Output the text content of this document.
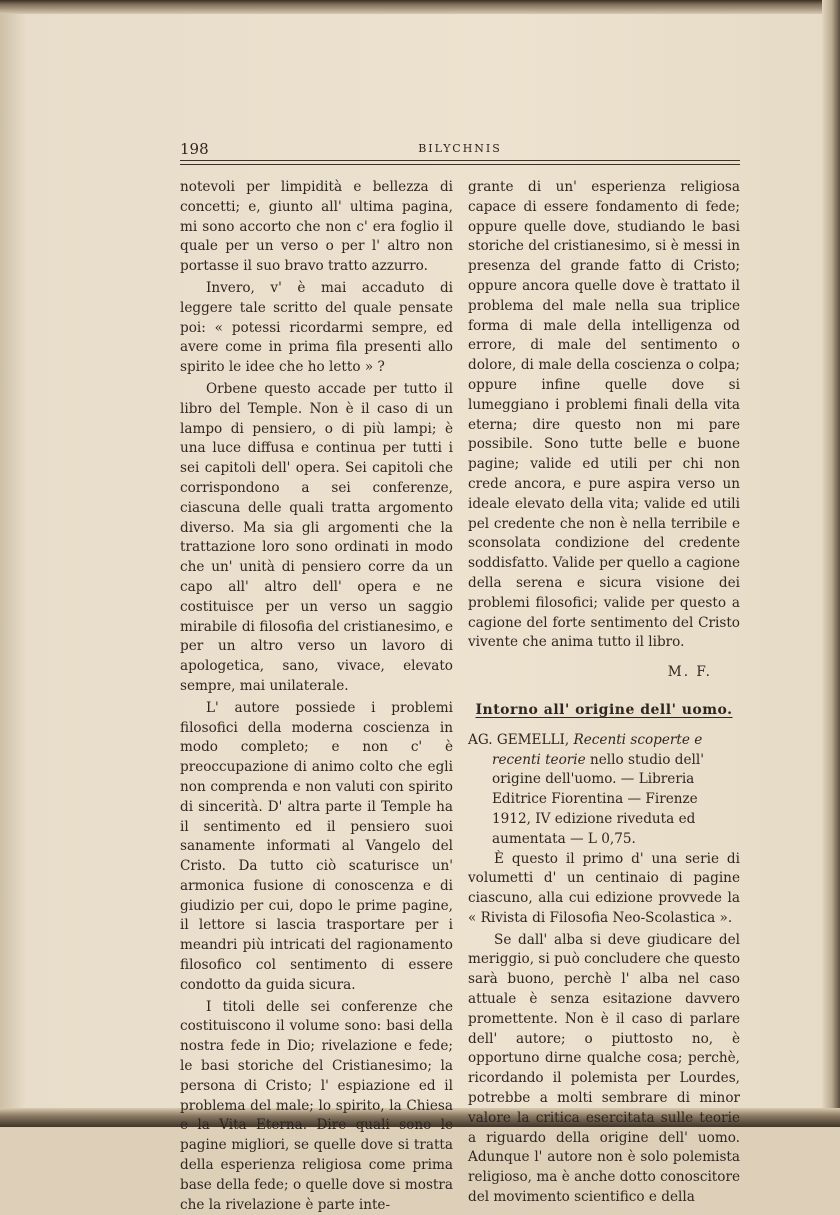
198	BILYCHNIS

notevoli per limpidità e bellezza di concetti; e, giunto all' ultima pagina, mi sono accorto che non c' era foglio il quale per un verso o per l' altro non portasse il suo bravo tratto azzurro.

Invero, v' è mai accaduto di leggere tale scritto del quale pensate poi: « potessi ricordarmi sempre, ed avere come in prima fila presenti allo spirito le idee che ho letto » ?

Orbene questo accade per tutto il libro del Temple. Non è il caso di un lampo di pensiero, o di più lampi; è una luce diffusa e continua per tutti i sei capitoli dell' opera. Sei capitoli che corrispondono a sei conferenze, ciascuna delle quali tratta argomento diverso. Ma sia gli argomenti che la trattazione loro sono ordinati in modo che un' unità di pensiero corre da un capo all' altro dell' opera e ne costituisce per un verso un saggio mirabile di filosofia del cristianesimo, e per un altro verso un lavoro di apologetica, sano, vivace, elevato sempre, mai unilaterale.

L' autore possiede i problemi filosofici della moderna coscienza in modo completo; e non c' è preoccupazione di animo colto che egli non comprenda e non valuti con spirito di sincerità. D' altra parte il Temple ha il sentimento ed il pensiero suoi sanamente informati al Vangelo del Cristo. Da tutto ciò scaturisce un' armonica fusione di conoscenza e di giudizio per cui, dopo le prime pagine, il lettore si lascia trasportare per i meandri più intricati del ragionamento filosofico col sentimento di essere condotto da guida sicura.

I titoli delle sei conferenze che costituiscono il volume sono: basi della nostra fede in Dio; rivelazione e fede; le basi storiche del Cristianesimo; la persona di Cristo; l' espiazione ed il problema del male; lo spirito, la Chiesa e la Vita Eterna. Dire quali sono le pagine migliori, se quelle dove si tratta della esperienza religiosa come prima base della fede; o quelle dove si mostra che la rivelazione è parte inte-

grante di un' esperienza religiosa capace di essere fondamento di fede; oppure quelle dove, studiando le basi storiche del cristianesimo, si è messi in presenza del grande fatto di Cristo; oppure ancora quelle dove è trattato il problema del male nella sua triplice forma di male della intelligenza od errore, di male del sentimento o dolore, di male della coscienza o colpa; oppure infine quelle dove si lumeggiano i problemi finali della vita eterna; dire questo non mi pare possibile. Sono tutte belle e buone pagine; valide ed utili per chi non crede ancora, e pure aspira verso un ideale elevato della vita; valide ed utili pel credente che non è nella terribile e sconsolata condizione del credente soddisfatto. Valide per quello a cagione della serena e sicura visione dei problemi filosofici; valide per questo a cagione del forte sentimento del Cristo vivente che anima tutto il libro.

M. F.
Intorno all' origine dell' uomo.
AG. GEMELLI, Recenti scoperte e recenti teorie nello studio dell' origine dell'uomo. — Libreria Editrice Fiorentina — Firenze 1912, IV edizione riveduta ed aumentata — L 0,75.

È questo il primo d' una serie di volumetti d' un centinaio di pagine ciascuno, alla cui edizione provvede la « Rivista di Filosofia Neo-Scolastica ».

Se dall' alba si deve giudicare del meriggio, si può concludere che questo sarà buono, perchè l' alba nel caso attuale è senza esitazione davvero promettente. Non è il caso di parlare dell' autore; o piuttosto no, è opportuno dirne qualche cosa; perchè, ricordando il polemista per Lourdes, potrebbe a molti sembrare di minor valore la critica esercitata sulle teorie a riguardo della origine dell' uomo. Adunque l' autore non è solo polemista religioso, ma è anche dotto conoscitore del movimento scientifico e della
